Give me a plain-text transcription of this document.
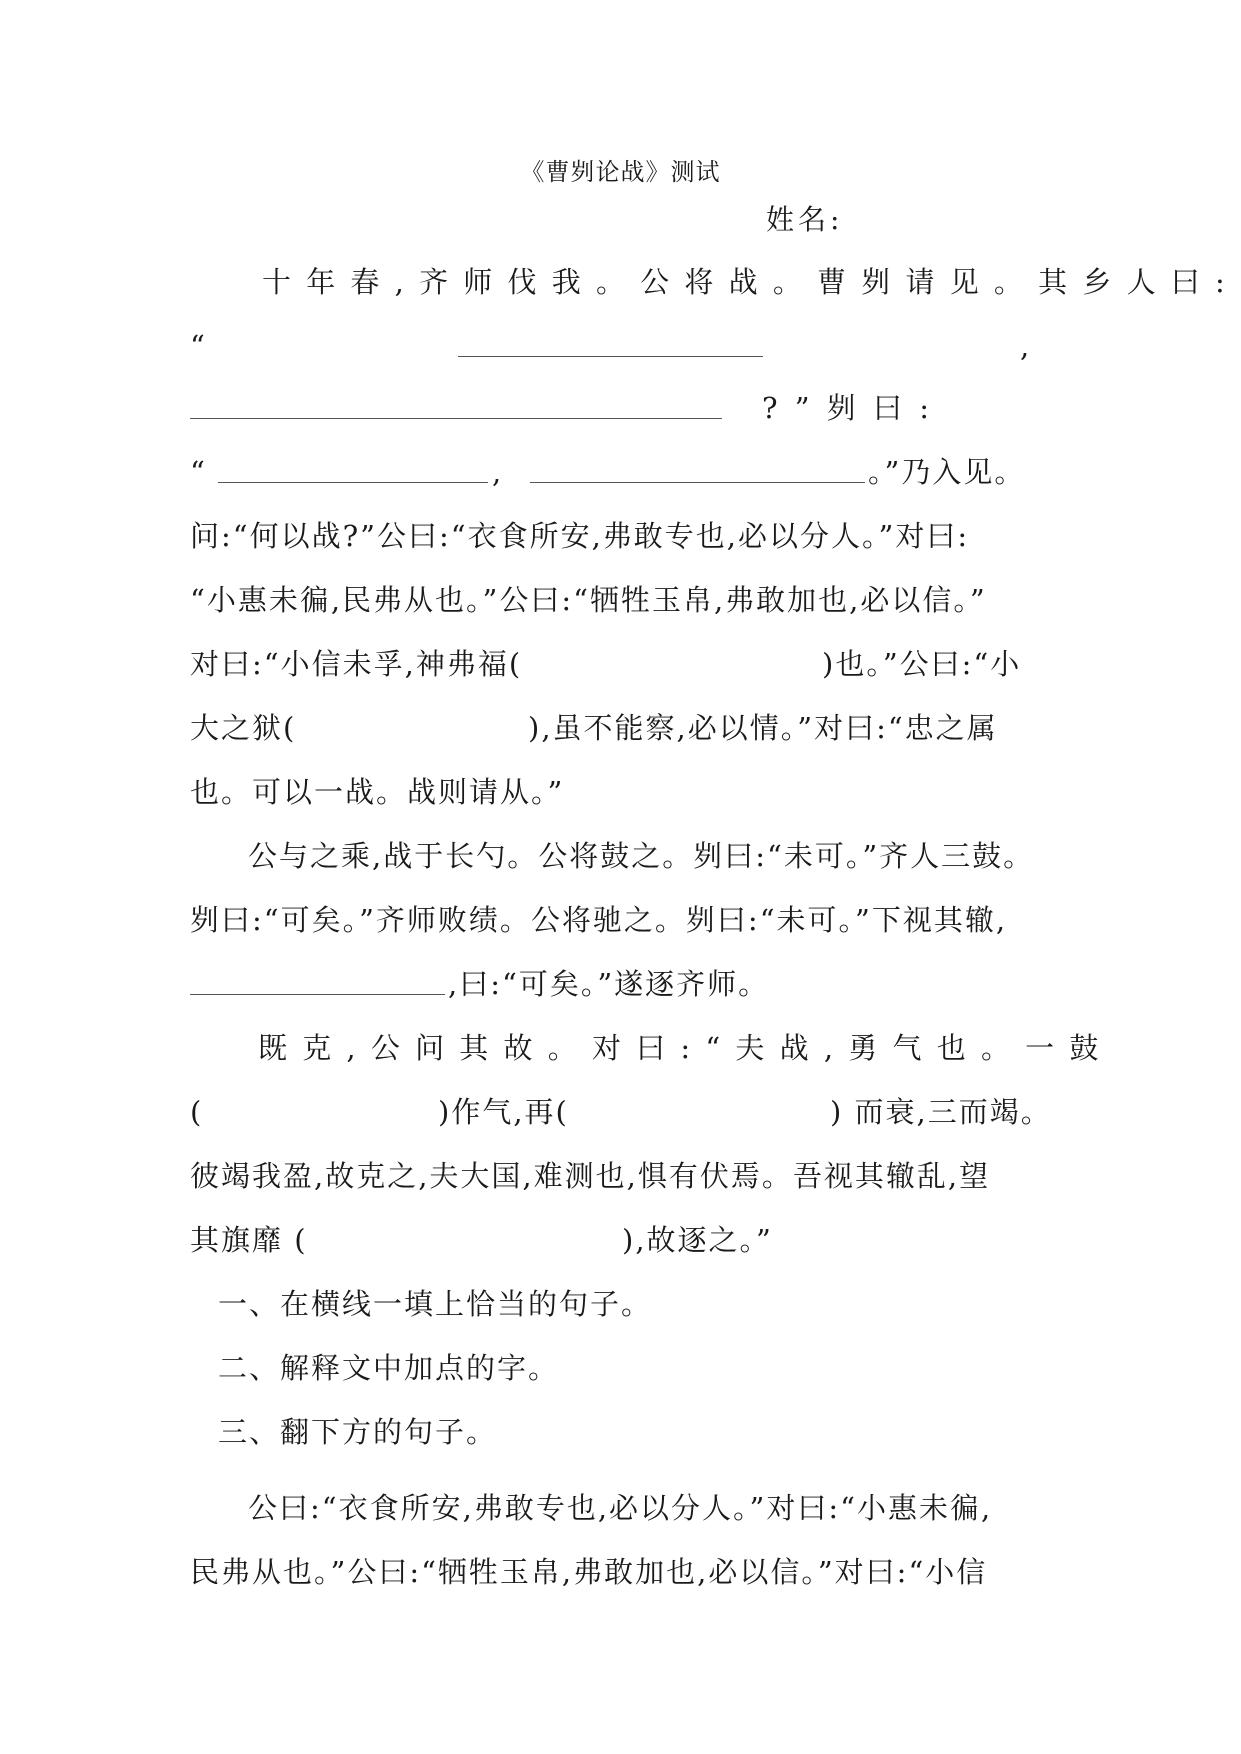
《曹刿论战》测试
姓名:
十 年 春 , 齐 师 伐 我 。 公 将 战 。 曹 刿 请 见 。 其 乡 人 曰 :
“	,
? ” 刿 曰 :
“	,	。”乃入见。
问:“何以战?”公曰:“衣食所安,弗敢专也,必以分人。”对曰:
“小惠未徧,民弗从也。”公曰:“牺牲玉帛,弗敢加也,必以信。”
对曰:“小信未孚,神弗福(	)也。”公曰:“小
大之狱(	),虽不能察,必以情。”对曰:“忠之属
也。可以一战。战则请从。”
公与之乘,战于长勺。公将鼓之。刿曰:“未可。”齐人三鼓。
刿曰:“可矣。”齐师败绩。公将驰之。刿曰:“未可。”下视其辙,
,曰:“可矣。”遂逐齐师。
既 克 , 公 问 其 故 。 对 曰 : “ 夫 战 , 勇 气 也 。 一 鼓
(	)作气,再(	) 而衰,三而竭。
彼竭我盈,故克之,夫大国,难测也,惧有伏焉。吾视其辙乱,望
其旗靡 (	),故逐之。”
一、在横线一填上恰当的句子。
二、解释文中加点的字。
三、翻下方的句子。
公曰:“衣食所安,弗敢专也,必以分人。”对曰:“小惠未徧,
民弗从也。”公曰:“牺牲玉帛,弗敢加也,必以信。”对曰:“小信
